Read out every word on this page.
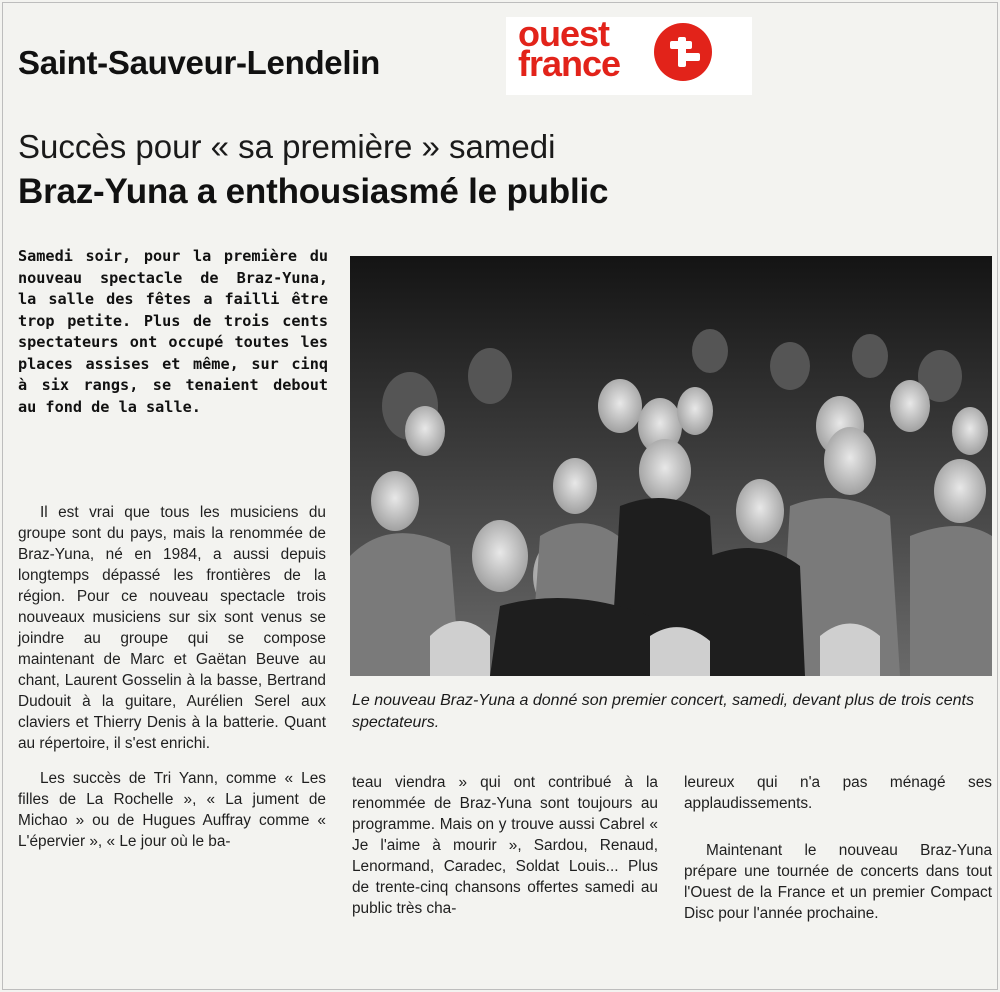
Saint-Sauveur-Lendelin
ouest
france
Succès pour « sa première » samedi
Braz-Yuna a enthousiasmé le public
Samedi soir, pour la première du nouveau spectacle de Braz-Yuna, la salle des fêtes a failli être trop petite. Plus de trois cents spectateurs ont occupé toutes les places assises et même, sur cinq à six rangs, se tenaient debout au fond de la salle.
Le nouveau Braz-Yuna a donné son premier concert, samedi, devant plus de trois cents spectateurs.

Il est vrai que tous les musiciens du groupe sont du pays, mais la renommée de Braz-Yuna, né en 1984, a aussi depuis longtemps dépassé les frontières de la région. Pour ce nouveau spectacle trois nouveaux musiciens sur six sont venus se joindre au groupe qui se compose maintenant de Marc et Gaëtan Beuve au chant, Laurent Gosselin à la basse, Bertrand Dudouit à la guitare, Aurélien Serel aux claviers et Thierry Denis à la batterie. Quant au répertoire, il s'est enrichi.

Les succès de Tri Yann, comme « Les filles de La Rochelle », « La jument de Michao » ou de Hugues Auffray comme « L'épervier », « Le jour où le ba-

teau viendra » qui ont contribué à la renommée de Braz-Yuna sont toujours au programme. Mais on y trouve aussi Cabrel « Je l'aime à mourir », Sardou, Renaud, Lenormand, Caradec, Soldat Louis... Plus de trente-cinq chansons offertes samedi au public très cha-

leureux qui n'a pas ménagé ses applaudissements.

Maintenant le nouveau Braz-Yuna prépare une tournée de concerts dans tout l'Ouest de la France et un premier Compact Disc pour l'année prochaine.
